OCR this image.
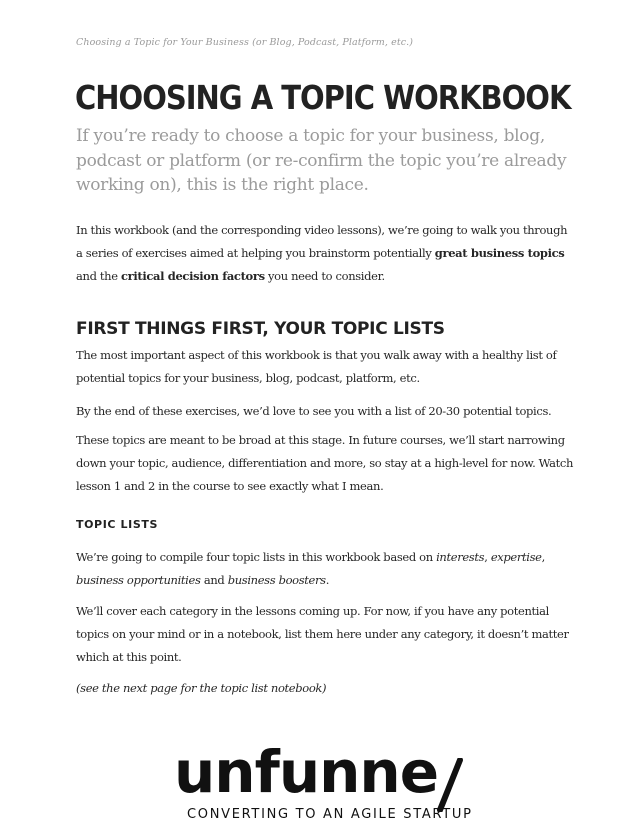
Choosing a Topic for Your Business (or Blog, Podcast, Platform, etc.)
CHOOSING A TOPIC WORKBOOK

If you’re ready to choose a topic for your business, blog, podcast or platform (or re-confirm the topic you’re already working on), this is the right place.

In this workbook (and the corresponding video lessons), we’re going to walk you through a series of exercises aimed at helping you brainstorm potentially great business topics and the critical decision factors you need to consider.

FIRST THINGS FIRST, YOUR TOPIC LISTS

The most important aspect of this workbook is that you walk away with a healthy list of potential topics for your business, blog, podcast, platform, etc.

By the end of these exercises, we’d love to see you with a list of 20-30 potential topics.

These topics are meant to be broad at this stage. In future courses, we’ll start narrowing down your topic, audience, differentiation and more, so stay at a high-level for now. Watch lesson 1 and 2 in the course to see exactly what I mean.

TOPIC LISTS

We’re going to compile four topic lists in this workbook based on interests, expertise, business opportunities and business boosters.

We’ll cover each category in the lessons coming up. For now, if you have any potential topics on your mind or in a notebook, list them here under any category, it doesn’t matter which at this point.

(see the next page for the topic list notebook)

unfunne
CONVERTING TO AN AGILE STARTUP
